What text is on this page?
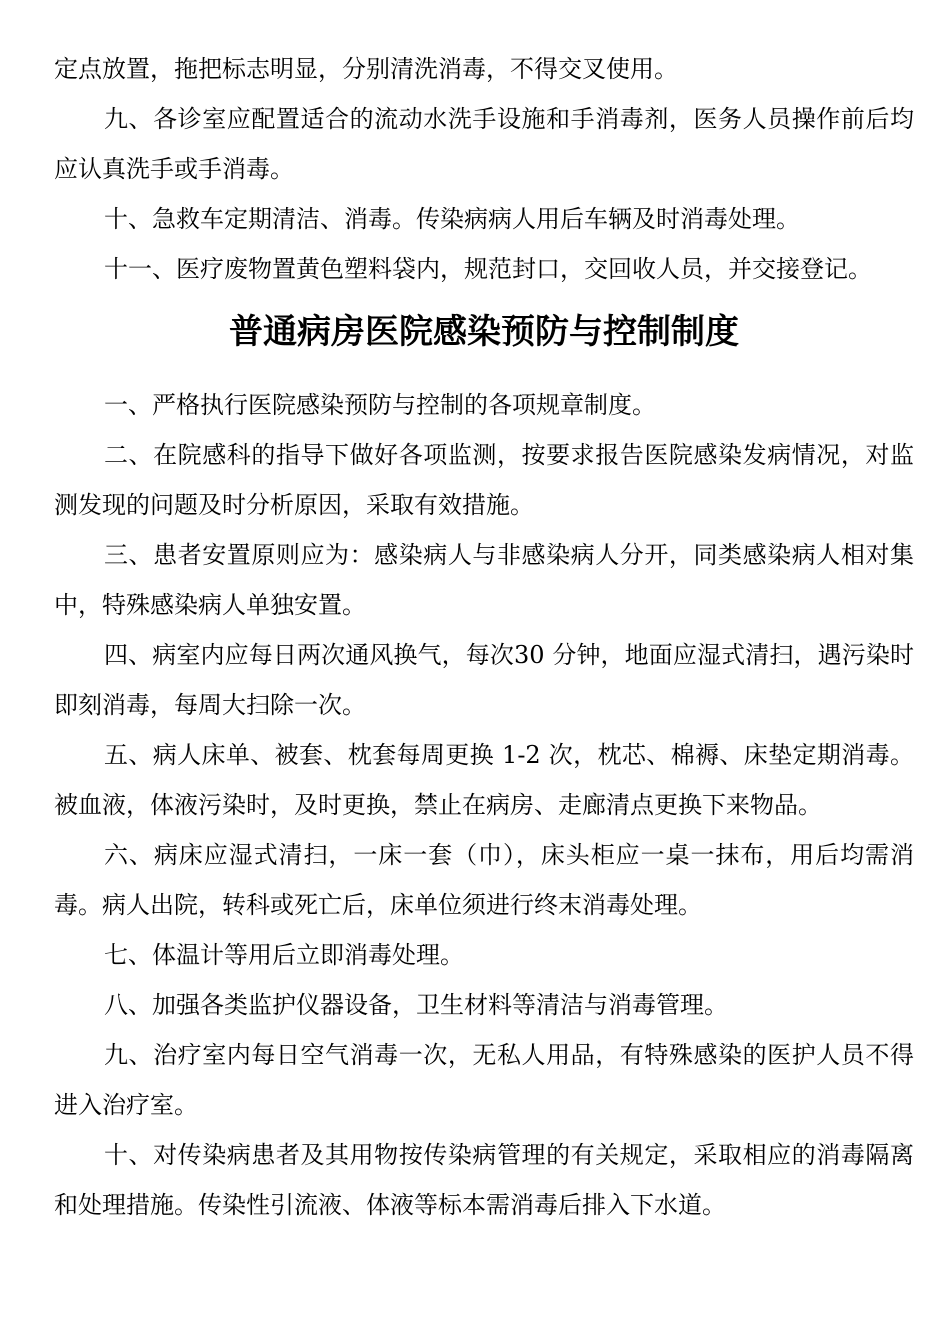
定点放置，拖把标志明显，分别清洗消毒，不得交叉使用。

九、各诊室应配置适合的流动水洗手设施和手消毒剂，医务人员操作前后均应认真洗手或手消毒。

十、急救车定期清洁、消毒。传染病病人用后车辆及时消毒处理。

十一、医疗废物置黄色塑料袋内，规范封口，交回收人员，并交接登记。

普通病房医院感染预防与控制制度

一、严格执行医院感染预防与控制的各项规章制度。

二、在院感科的指导下做好各项监测，按要求报告医院感染发病情况，对监测发现的问题及时分析原因，采取有效措施。

三、患者安置原则应为：感染病人与非感染病人分开，同类感染病人相对集中，特殊感染病人单独安置。

四、病室内应每日两次通风换气，每次30 分钟，地面应湿式清扫，遇污染时即刻消毒，每周大扫除一次。

五、病人床单、被套、枕套每周更换 1-2 次，枕芯、棉褥、床垫定期消毒。被血液，体液污染时，及时更换，禁止在病房、走廊清点更换下来物品。

六、病床应湿式清扫，一床一套（巾），床头柜应一桌一抹布，用后均需消毒。病人出院，转科或死亡后，床单位须进行终末消毒处理。

七、体温计等用后立即消毒处理。

八、加强各类监护仪器设备，卫生材料等清洁与消毒管理。

九、治疗室内每日空气消毒一次，无私人用品，有特殊感染的医护人员不得进入治疗室。

十、对传染病患者及其用物按传染病管理的有关规定，采取相应的消毒隔离和处理措施。传染性引流液、体液等标本需消毒后排入下水道。
